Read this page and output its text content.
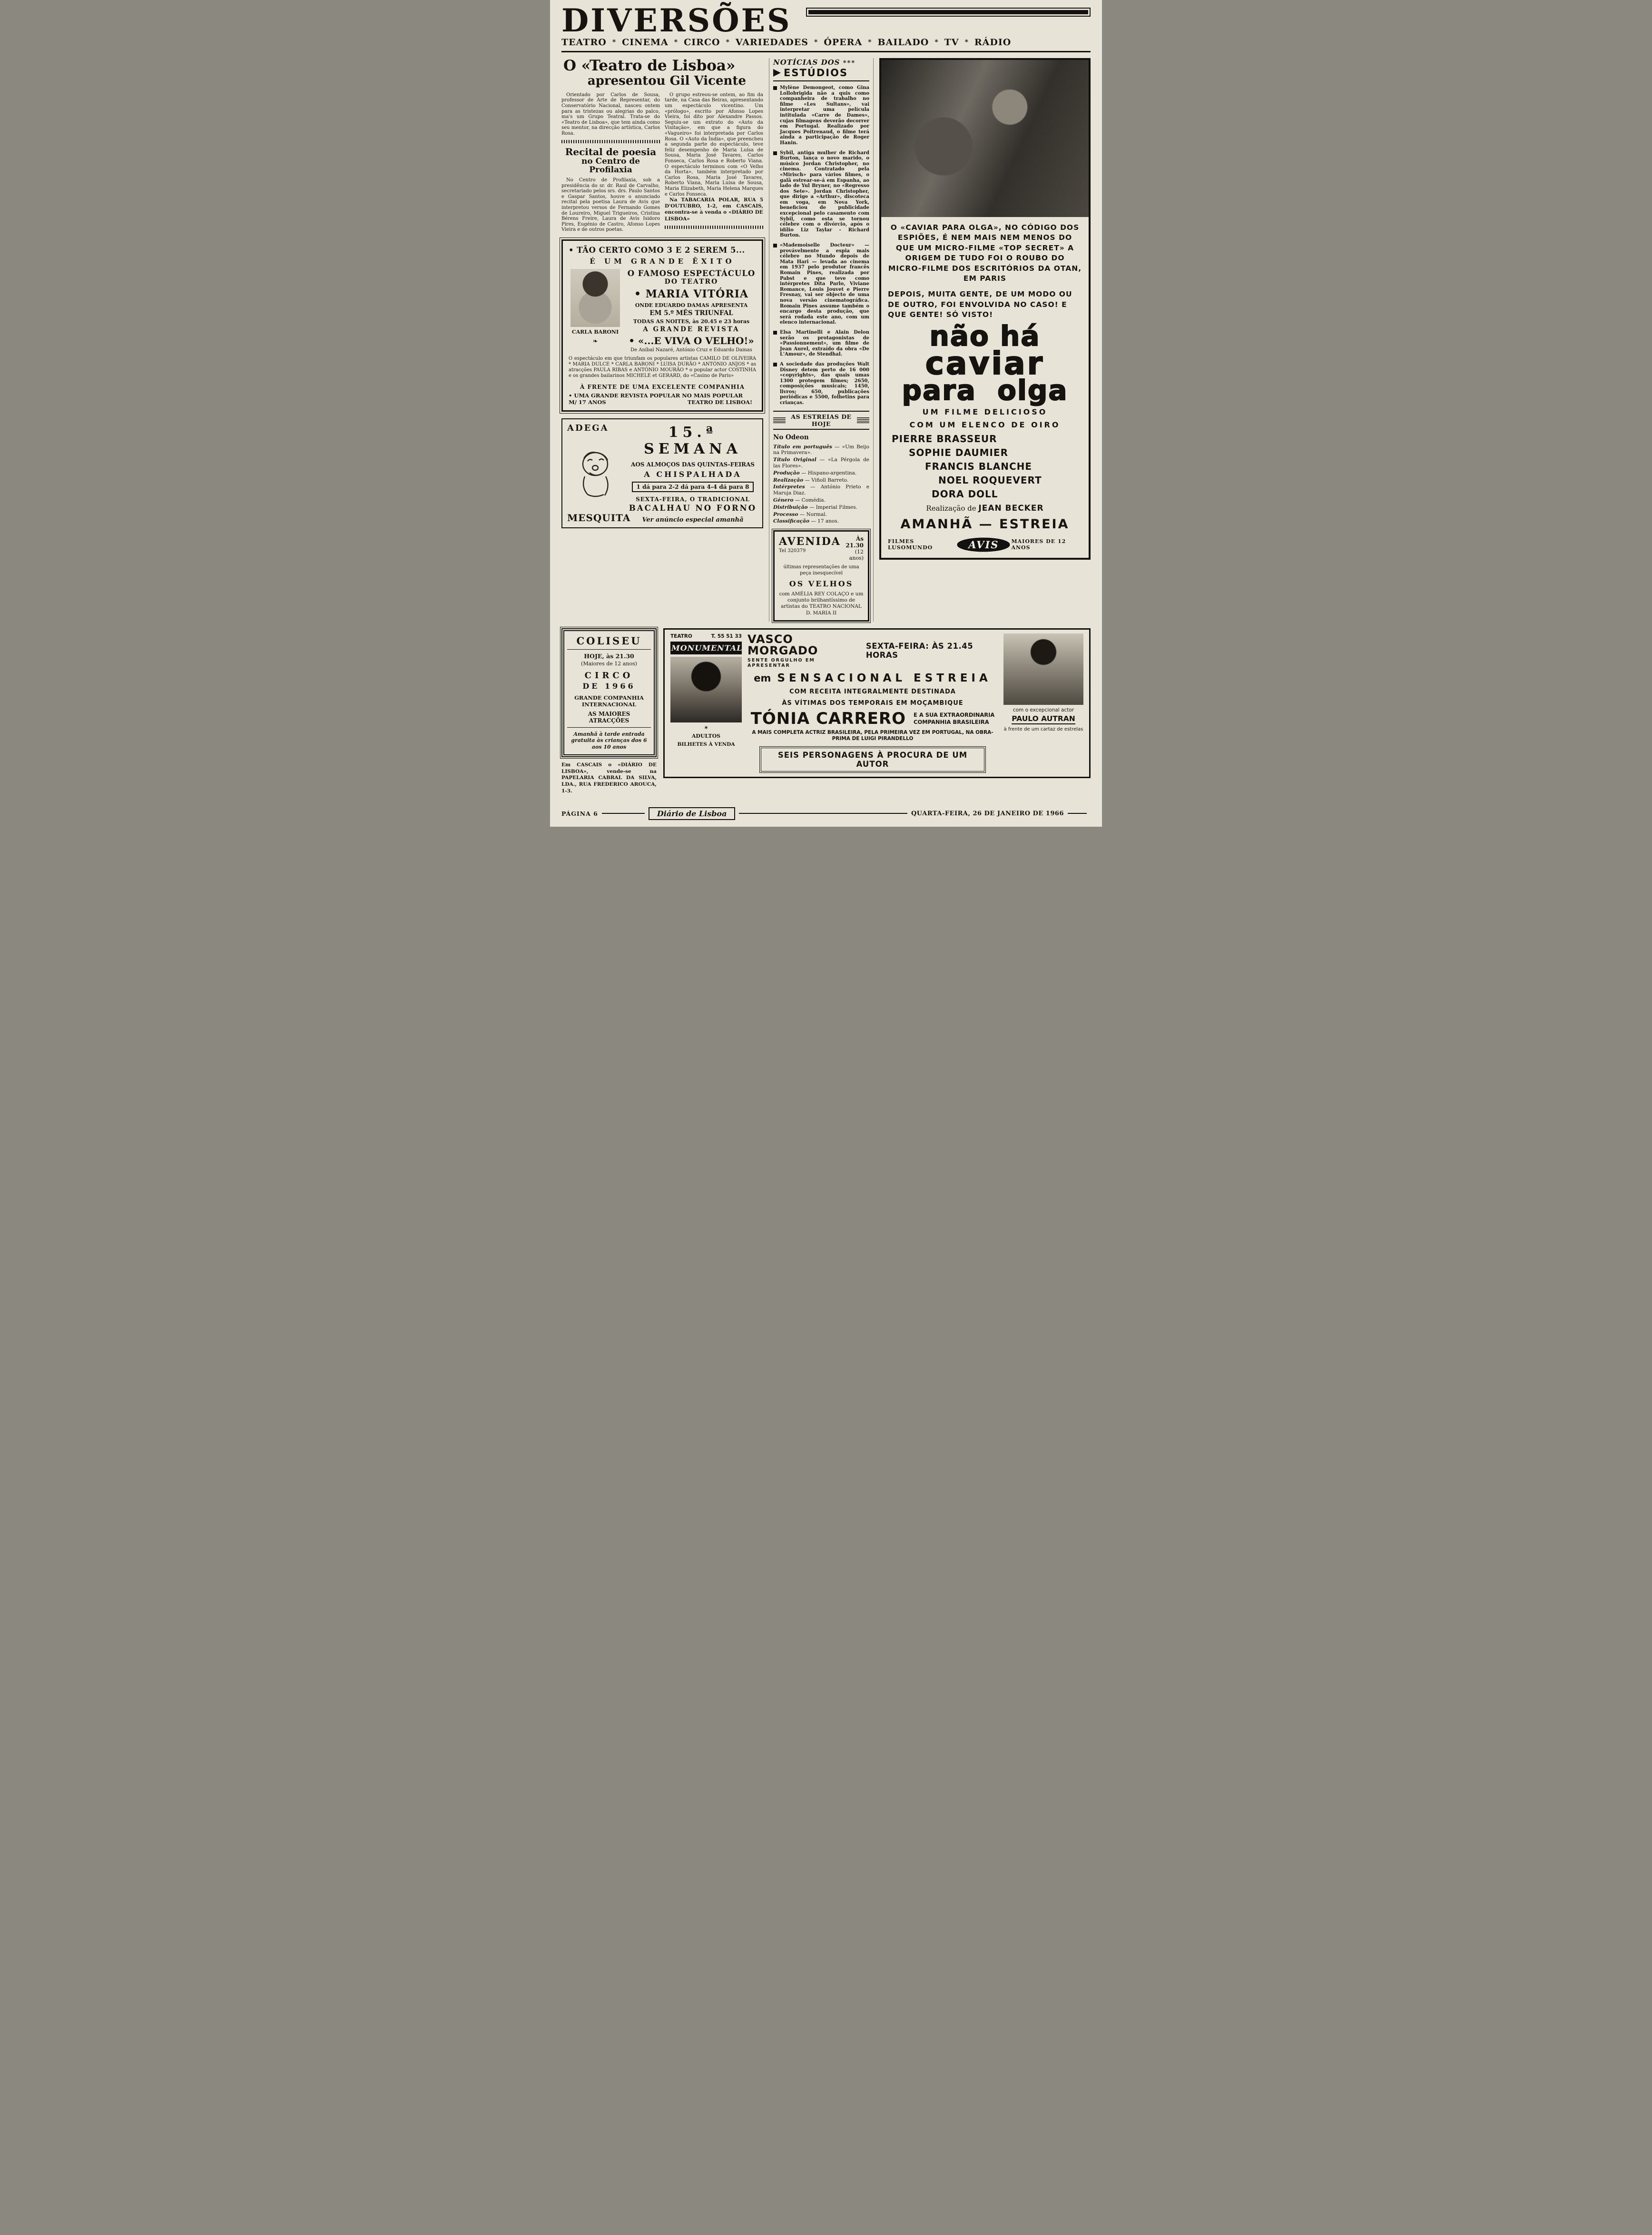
DIVERSÕES
TEATRO * CINEMA * CIRCO * VARIEDADES * ÓPERA * BAILADO * TV * RÁDIO
O «Teatro de Lisboa»
apresentou Gil Vicente

Orientado por Carlos de Sousa, professor de Arte de Representar, do Conservatório Nacional, nasceu ontem para as tristezas ou alegrias do palco, ma's um Grupo Teatral. Trata-se do «Teatro de Lisboa», que tem ainda como seu mentor, na direcção artística, Carlos Rosa.

Recital de poesia
no Centro de Profilaxia

No Centro de Profilaxia, sob a presidência do sr. dr. Raul de Carvalho, secretariado pelos srs. drs. Paulo Santos e Gaspar Santos, houve o anunciado recital pela poetisa Laura de Avis que interpretou versos de Fernando Gomes de Loureiro, Miguel Trigueiros, Cristina Bérens Freire, Laura de Avis Isidoro Pires, Eugénio de Castro, Afonso Lopes Vieira e de outros poetas.

O grupo estreou-se ontem, ao fim da tarde, na Casa das Beiras, apresentando um espectáculo vicentino. Um «prólogo», escrito por Afonso Lopes Vieira, foi dito por Alexandre Passos. Seguiu-se um extrato do «Auto da Visitação», em que a figura do «Vagueiro» foi interpretada por Carlos Rosa. O «Auto da Índia», que preencheu a segunda parte do espectáculo, teve feliz desempenho de Maria Luísa de Sousa, Maria José Tavares, Carlos Fonseca, Carlos Rosa e Roberto Viana. O espectáculo terminou com «O Velho da Horta», também interpretado por Carlos Rosa, Maria José Tavares, Roberto Viana, Maria Luisa de Sousa, Maria Elizabeth, Maria Helena Marques e Carlos Fonseca.

Na TABACARIA POLAR, RUA 5 D'OUTUBRO, 1-2, em CASCAIS, encontra-se à venda o «DIÁRIO DE LISBOA»

• TÃO CERTO COMO 3 E 2 SEREM 5...
É UM GRANDE ÊXITO
CARLA BARONI
❧
O FAMOSO ESPECTÁCULO
DO TEATRO
• MARIA VITÓRIA
ONDE EDUARDO DAMAS APRESENTA
EM 5.º MÊS TRIUNFAL
TODAS AS NOITES, às 20.45 e 23 horas
A GRANDE REVISTA
• «...E VIVA O VELHO!»
De Aníbal Nazaré, António Cruz e Eduardo Damas

O espectáculo em que triunfam os populares artistas CAMILO DE OLIVEIRA * MARIA DULCE * CARLA BARONI * LUISA DURÃO * ANTÓNIO ANJOS * as atracções PAULA RIBAS e ANTÓNIO MOURÃO * o popular actor COSTINHA e os grandes bailarinos MICHELE et GERARD, do «Casino de Paris»

À FRENTE DE UMA EXCELENTE COMPANHIA
• UMA GRANDE REVISTA POPULAR NO MAIS POPULAR
M/ 17 ANOS	TEATRO DE LISBOA!
ADEGA
MESQUITA
15.ª SEMANA
AOS ALMOÇOS DAS QUINTAS-FEIRAS
A CHISPALHADA
1 dá para 2-2 dá para 4-4 dá para 8
SEXTA-FEIRA, O TRADICIONAL
BACALHAU NO FORNO
Ver anúncio especial amanhã
NOTÍCIAS DOS ***
ESTÚDIOS

Mylène Demongeot, como Gina Lollobrigida não a quis como companheira de trabalho no filme «Les Sultans», vai interpretar uma película intitulada «Carre de Dames», cujas filmagens deverão decorrer em Portugal. Realizado por Jacques Poitrenaud, o filme terá ainda a participação de Roger Hanin.

Sybil, antiga mulher de Richard Burton, lança o novo marido, o músico Jordan Christopher, no cinema. Contratado pela «Mirisch» para vários filmes, o galã estrear-se-á em Espanha, ao lado de Yul Bryner, no «Regresso dos Sete». Jordan Christopher, que dirige a «Arthur», discoteca em voga, em Nova York, beneficiou de publicidade excepcional pelo casamento com Sybil, como esta se tornou célebre com o divórcio, após o idílio Liz Taylar - Richard Burton.

«Mademoiselle Docteur» — provávelmente a espia mais célebre no Mundo depois de Mata Hari — levada ao cinema em 1937 pelo produtor francês Romain Pines, realizada por Pabst e que teve como intérpretes Dita Parlo, Viviane Romance, Louis Jouvet e Pierre Fresnay, vai ser objecto de uma nova versão cinematográfica. Romain Pines assume também o encargo desta produção, que será rodada este ano, com um elenco internacional.

Elsa Martinelli e Alain Delon serão os protagonistas de «Passionnement», um filme de Jean Aurel, extraído da obra «De L'Amour», de Stendhal.

A sociedade das produções Walt Disney detem perto de 16 000 «copyrights», das quais umas 1300 protegem filmes; 2650, composições musicais; 1450, livros; 650, publicações periódicas e 5500, folhetins para crianças.

AS ESTREIAS DE HOJE
No Odeon
Título em português — «Um Beijo na Primavera».
Título Original — «La Pérgola de las Flores».
Produção — Hispano-argentina.
Realização — Viñoll Barreto.
Intérpretes — António Prieto e Maruja Diaz.
Género — Comédia.
Distribuição — Imperial Filmes.
Processo — Normal.
Classificação — 17 anos.
AVENIDA
Tel 320379
Às 21.30
(12 anos)
últimas representações de uma peça inesquecível
OS VELHOS
com AMÉLIA REY COLAÇO e um conjunto brilhantíssimo de artistas do TEATRO NACIONAL D. MARIA II

O «CAVIAR PARA OLGA», NO CÓDIGO DOS ESPIÕES, É NEM MAIS NEM MENOS DO QUE UM MICRO-FILME «TOP SECRET» A ORIGEM DE TUDO FOI O ROUBO DO MICRO-FILME DOS ESCRITÓRIOS DA OTAN, EM PARIS

DEPOIS, MUITA GENTE, DE UM MODO OU DE OUTRO, FOI ENVOLVIDA NO CASO! E QUE GENTE! SÓ VISTO!

não há
caviar
para olga
UM FILME DELICIOSO
COM UM ELENCO DE OIRO
PIERRE BRASSEUR
SOPHIE DAUMIER
FRANCIS BLANCHE
NOEL ROQUEVERT
DORA DOLL
Realização de JEAN BECKER
AMANHÃ — ESTREIA
FILMES LUSOMUNDO	AVIS	MAIORES DE 12 ANOS
COLISEU
HOJE, às 21.30
(Maiores de 12 anos)
CIRCO
DE 1966
GRANDE COMPANHIA
INTERNACIONAL
AS MAIORES ATRACÇÕES
Amanhã à tarde entrada gratuita às crianças dos 6 aos 10 anos

Em CASCAIS o «DIÁRIO DE LISBOA», vende-se na PAPELARIA CABRAL DA SILVA, LDA., RUA FREDERICO AROUCA, 1-3.

TEATRO	T. 55 51 33
MONUMENTAL
✶
ADULTOS
BILHETES À VENDA
VASCO MORGADO
SENTE ORGULHO EM APRESENTAR
SEXTA-FEIRA: ÀS 21.45 HORAS
em SENSACIONAL ESTREIA
COM RECEITA INTEGRALMENTE DESTINADA
ÀS VÍTIMAS DOS TEMPORAIS EM MOÇAMBIQUE
TÓNIA CARRERO E A SUA EXTRAORDINARIA
COMPANHIA BRASILEIRA
A MAIS COMPLETA ACTRIZ BRASILEIRA, PELA PRIMEIRA VEZ EM PORTUGAL, NA OBRA-PRIMA DE LUIGI PIRANDELLO
SEIS PERSONAGENS À PROCURA DE UM AUTOR
com o excepcional actor
PAULO AUTRAN
à frente de um cartaz de estrelas
PÁGINA 6	Diário de Lisboa	QUARTA-FEIRA, 26 DE JANEIRO DE 1966
